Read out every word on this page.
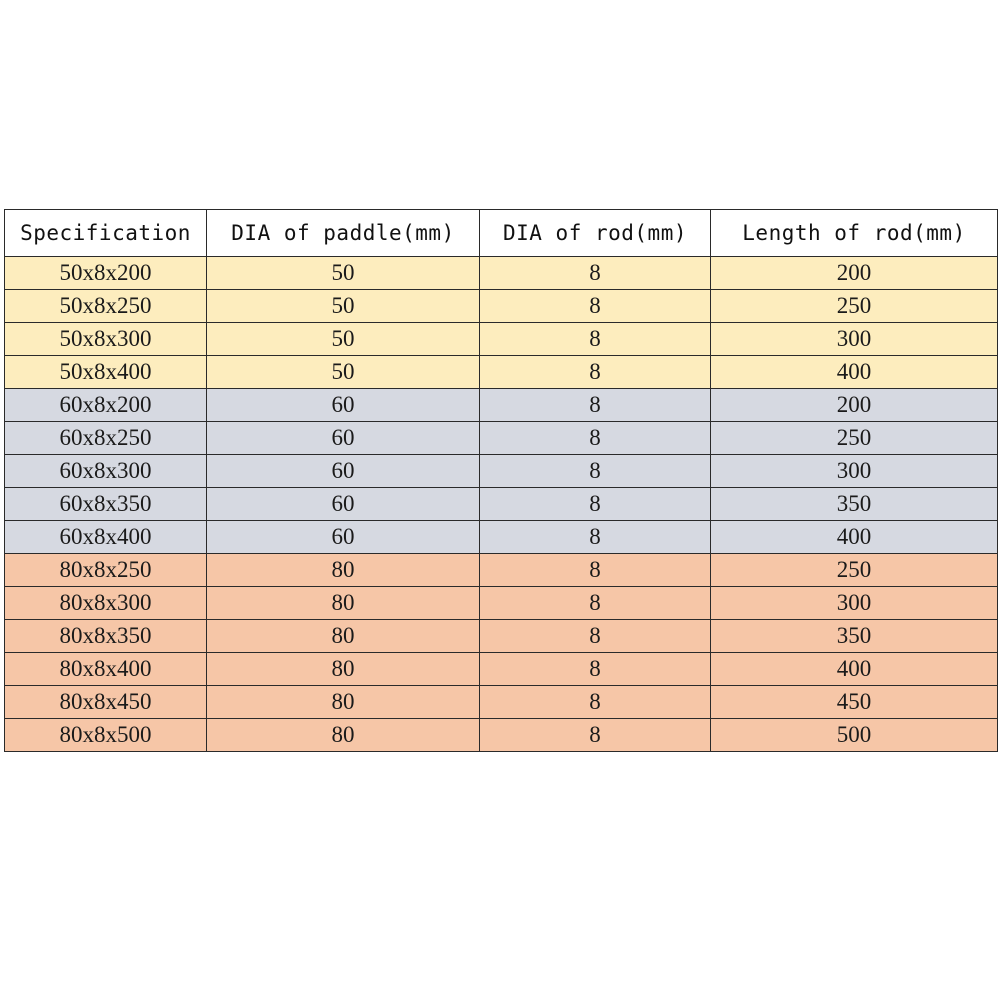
Specification	DIA of paddle(mm)	DIA of rod(mm)	Length of rod(mm)
50x8x200	50	8	200
50x8x250	50	8	250
50x8x300	50	8	300
50x8x400	50	8	400
60x8x200	60	8	200
60x8x250	60	8	250
60x8x300	60	8	300
60x8x350	60	8	350
60x8x400	60	8	400
80x8x250	80	8	250
80x8x300	80	8	300
80x8x350	80	8	350
80x8x400	80	8	400
80x8x450	80	8	450
80x8x500	80	8	500
